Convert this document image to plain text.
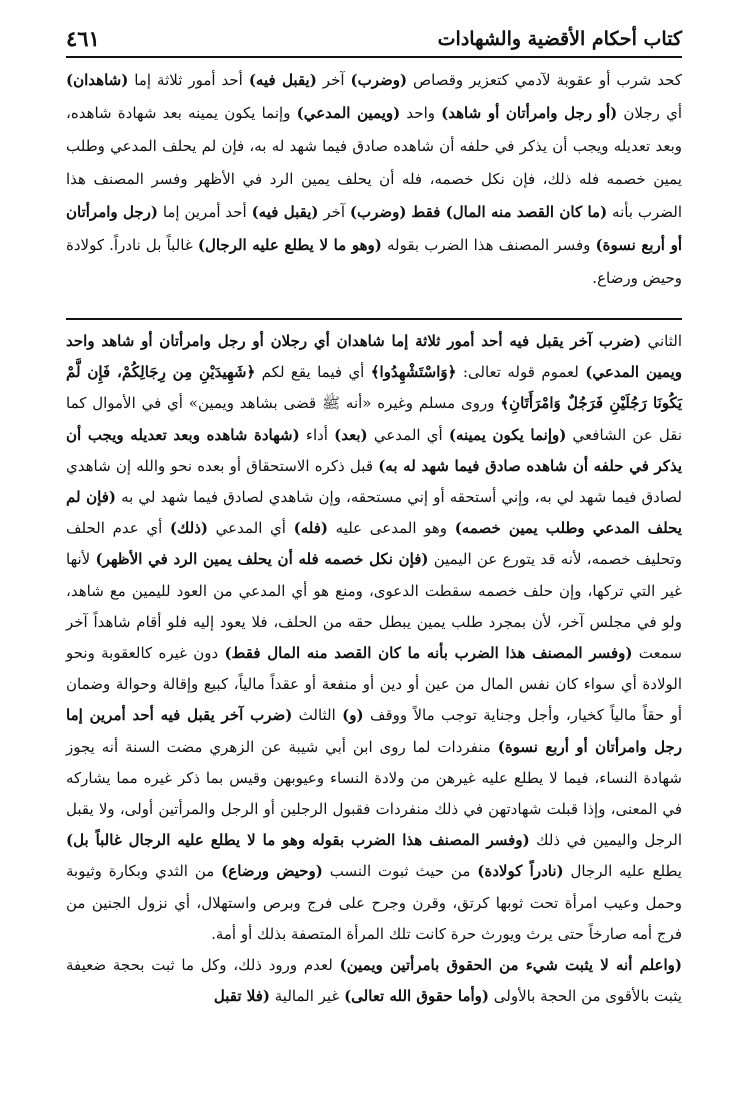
كتاب أحكام الأقضية والشهادات
٤٦١

كحد شرب أو عقوبة لآدمي كتعزير وقصاص (وضرب) آخر (يقبل فيه) أحد أمور ثلاثة إما (شاهدان) أي رجلان (أو رجل وامرأتان أو شاهد) واحد (ويمين المدعي) وإنما يكون يمينه بعد شهادة شاهده، وبعد تعديله ويجب أن يذكر في حلفه أن شاهده صادق فيما شهد له به، فإن لم يحلف المدعي وطلب يمين خصمه فله ذلك، فإن نكل خصمه، فله أن يحلف يمين الرد في الأظهر وفسر المصنف هذا الضرب بأنه (ما كان القصد منه المال) فقط (وضرب) آخر (يقبل فيه) أحد أمرين إما (رجل وامرأتان أو أربع نسوة) وفسر المصنف هذا الضرب بقوله (وهو ما لا يطلع عليه الرجال) غالباً بل نادراً. كولادة وحيض ورضاع.

الثاني (ضرب آخر يقبل فيه أحد أمور ثلاثة إما شاهدان أي رجلان أو رجل وامرأتان أو شاهد واحد ويمين المدعي) لعموم قوله تعالى: ﴿وَاسْتَشْهِدُوا﴾ أي فيما يقع لكم ﴿شَهِيدَيْنِ مِن رِجَالِكُمْ، فَإِن لَّمْ يَكُونَا رَجُلَيْنِ فَرَجُلٌ وَامْرَأَتَانِ﴾ وروى مسلم وغيره «أنه ﷺ قضى بشاهد ويمين» أي في الأموال كما نقل عن الشافعي (وإنما يكون يمينه) أي المدعي (بعد) أداء (شهادة شاهده وبعد تعديله ويجب أن يذكر في حلفه أن شاهده صادق فيما شهد له به) قبل ذكره الاستحقاق أو بعده نحو والله إن شاهدي لصادق فيما شهد لي به، وإني أستحقه أو إني مستحقه، وإن شاهدي لصادق فيما شهد لي به (فإن لم يحلف المدعي وطلب يمين خصمه) وهو المدعى عليه (فله) أي المدعي (ذلك) أي عدم الحلف وتحليف خصمه، لأنه قد يتورع عن اليمين (فإن نكل خصمه فله أن يحلف يمين الرد في الأظهر) لأنها غير التي تركها، وإن حلف خصمه سقطت الدعوى، ومنع هو أي المدعي من العود لليمين مع شاهد، ولو في مجلس آخر، لأن بمجرد طلب يمين يبطل حقه من الحلف، فلا يعود إليه فلو أقام شاهداً آخر سمعت (وفسر المصنف هذا الضرب بأنه ما كان القصد منه المال فقط) دون غيره كالعقوبة ونحو الولادة أي سواء كان نفس المال من عين أو دين أو منفعة أو عقداً مالياً، كبيع وإقالة وحوالة وضمان أو حقاً مالياً كخيار، وأجل وجناية توجب مالاً ووقف (و) الثالث (ضرب آخر يقبل فيه أحد أمرين إما رجل وامرأتان أو أربع نسوة) منفردات لما روى ابن أبي شيبة عن الزهري مضت السنة أنه يجوز شهادة النساء، فيما لا يطلع عليه غيرهن من ولادة النساء وعيوبهن وقيس بما ذكر غيره مما يشاركه في المعنى، وإذا قبلت شهادتهن في ذلك منفردات فقبول الرجلين أو الرجل والمرأتين أولى، ولا يقبل الرجل واليمين في ذلك (وفسر المصنف هذا الضرب بقوله وهو ما لا يطلع عليه الرجال غالباً بل) يطلع عليه الرجال (نادراً كولادة) من حيث ثبوت النسب (وحيض ورضاع) من الثدي وبكارة وثيوبة وحمل وعيب امرأة تحت ثوبها كرتق، وقرن وجرح على فرج وبرص واستهلال، أي نزول الجنين من فرج أمه صارخاً حتى يرث ويورث حرة كانت تلك المرأة المتصفة بذلك أو أمة.

(واعلم أنه لا يثبت شيء من الحقوق بامرأتين ويمين) لعدم ورود ذلك، وكل ما ثبت بحجة ضعيفة يثبت بالأقوى من الحجة بالأولى (وأما حقوق الله تعالى) غير المالية (فلا تقبل
